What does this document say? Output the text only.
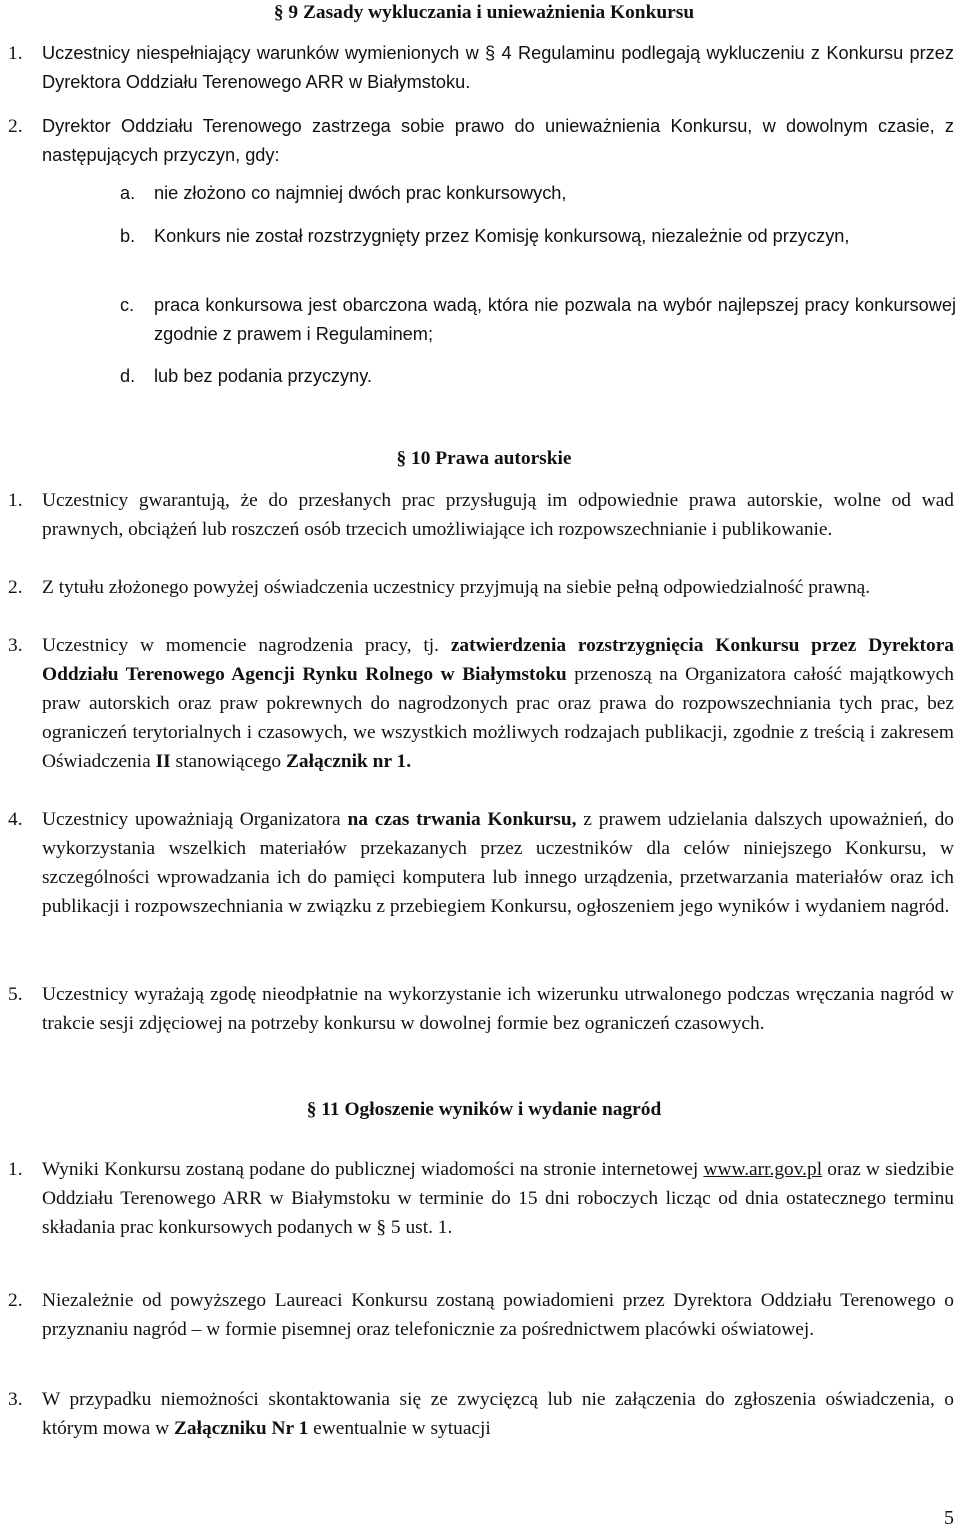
§ 9 Zasady wykluczania i unieważnienia Konkursu

1. Uczestnicy niespełniający warunków wymienionych w § 4 Regulaminu podlegają wykluczeniu z Konkursu przez Dyrektora Oddziału Terenowego ARR w Białymstoku.

2. Dyrektor Oddziału Terenowego zastrzega sobie prawo do unieważnienia Konkursu, w dowolnym czasie, z następujących przyczyn, gdy:

a. nie złożono co najmniej dwóch prac konkursowych,

b. Konkurs nie został rozstrzygnięty przez Komisję konkursową, niezależnie od przyczyn,

c. praca konkursowa jest obarczona wadą, która nie pozwala na wybór najlepszej pracy konkursowej zgodnie z prawem i Regulaminem;

d. lub bez podania przyczyny.

§ 10 Prawa autorskie

1. Uczestnicy gwarantują, że do przesłanych prac przysługują im odpowiednie prawa autorskie, wolne od wad prawnych, obciążeń lub roszczeń osób trzecich umożliwiające ich rozpowszechnianie i publikowanie.

2. Z tytułu złożonego powyżej oświadczenia uczestnicy przyjmują na siebie pełną odpowiedzialność prawną.

3. Uczestnicy w momencie nagrodzenia pracy, tj. zatwierdzenia rozstrzygnięcia Konkursu przez Dyrektora Oddziału Terenowego Agencji Rynku Rolnego w Białymstoku przenoszą na Organizatora całość majątkowych praw autorskich oraz praw pokrewnych do nagrodzonych prac oraz prawa do rozpowszechniania tych prac, bez ograniczeń terytorialnych i czasowych, we wszystkich możliwych rodzajach publikacji, zgodnie z treścią i zakresem Oświadczenia II stanowiącego Załącznik nr 1.

4. Uczestnicy upoważniają Organizatora na czas trwania Konkursu, z prawem udzielania dalszych upoważnień, do wykorzystania wszelkich materiałów przekazanych przez uczestników dla celów niniejszego Konkursu, w szczególności wprowadzania ich do pamięci komputera lub innego urządzenia, przetwarzania materiałów oraz ich publikacji i rozpowszechniania w związku z przebiegiem Konkursu, ogłoszeniem jego wyników i wydaniem nagród.

5. Uczestnicy wyrażają zgodę nieodpłatnie na wykorzystanie ich wizerunku utrwalonego podczas wręczania nagród w trakcie sesji zdjęciowej na potrzeby konkursu w dowolnej formie bez ograniczeń czasowych.

§ 11 Ogłoszenie wyników i wydanie nagród

1. Wyniki Konkursu zostaną podane do publicznej wiadomości na stronie internetowej www.arr.gov.pl oraz w siedzibie Oddziału Terenowego ARR w Białymstoku w terminie do 15 dni roboczych licząc od dnia ostatecznego terminu składania prac konkursowych podanych w § 5 ust. 1.

2. Niezależnie od powyższego Laureaci Konkursu zostaną powiadomieni przez Dyrektora Oddziału Terenowego o przyznaniu nagród – w formie pisemnej oraz telefonicznie za pośrednictwem placówki oświatowej.

3. W przypadku niemożności skontaktowania się ze zwycięzcą lub nie załączenia do zgłoszenia oświadczenia, o którym mowa w Załączniku Nr 1 ewentualnie w sytuacji

5
